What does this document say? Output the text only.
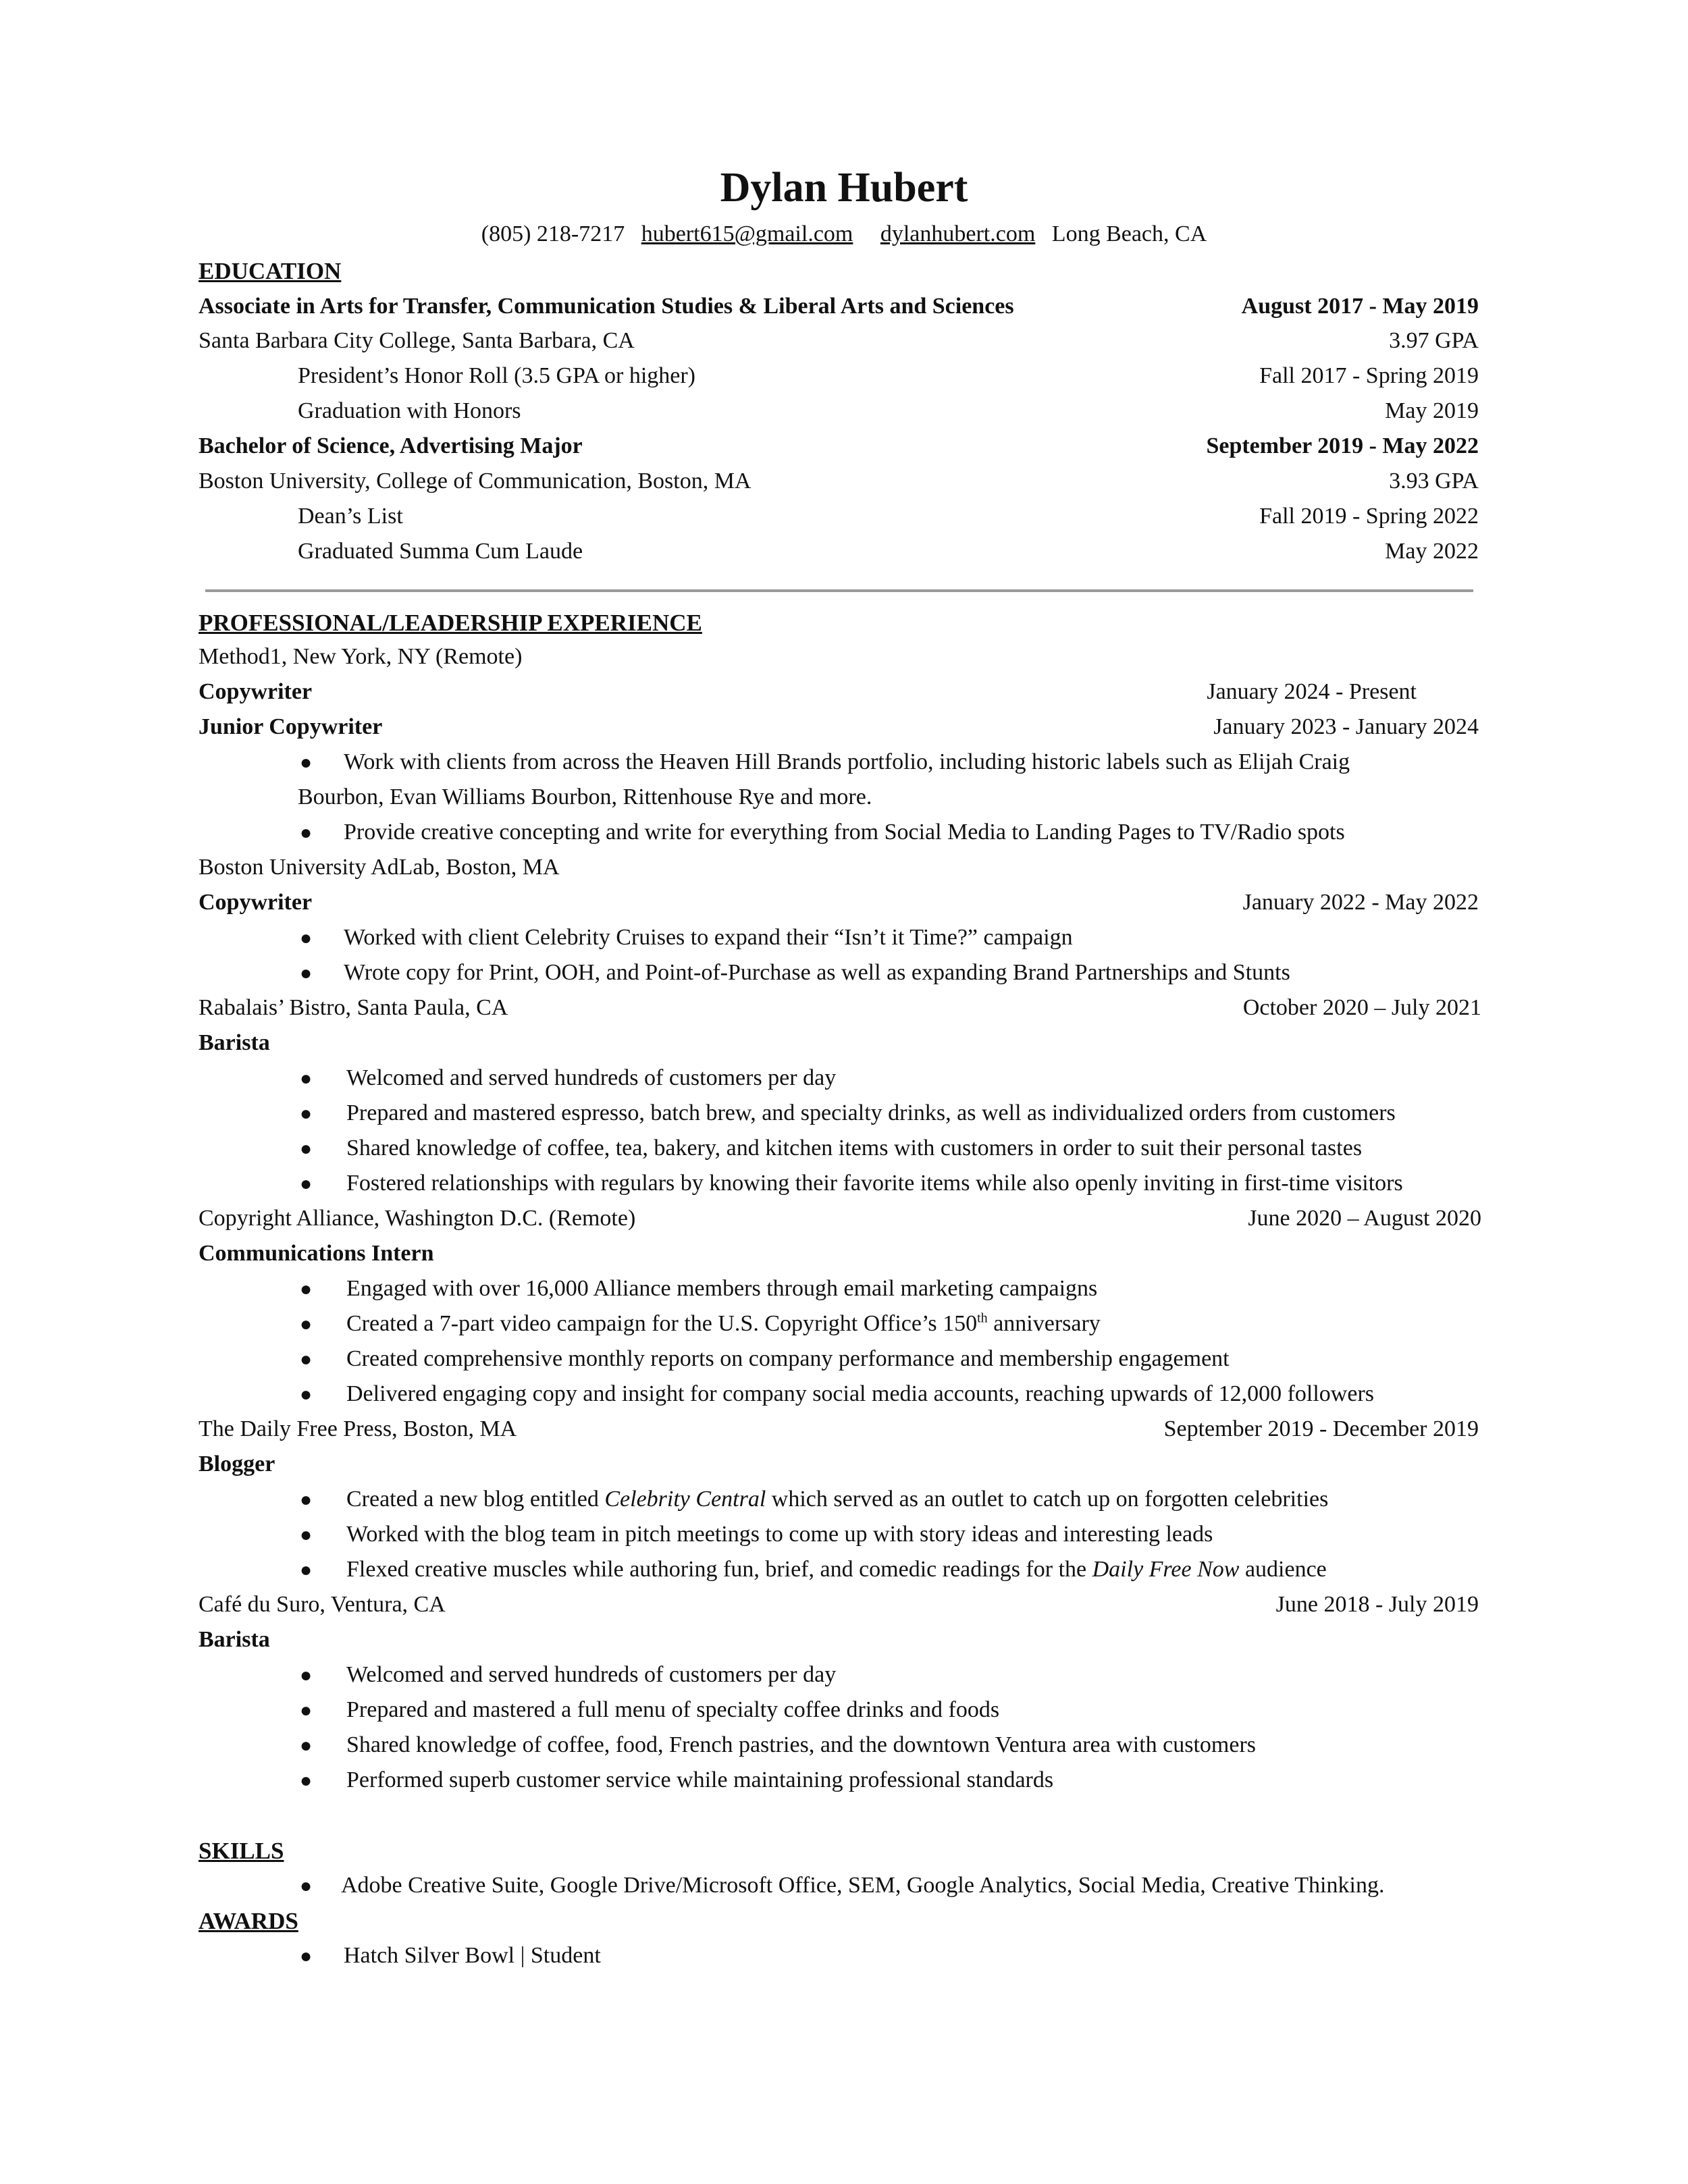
Dylan Hubert
(805) 218-7217 hubert615@gmail.com dylanhubert.com Long Beach, CA
EDUCATION
Associate in Arts for Transfer, Communication Studies & Liberal Arts and Sciences	August 2017 - May 2019
Santa Barbara City College, Santa Barbara, CA	3.97 GPA
President’s Honor Roll (3.5 GPA or higher)	Fall 2017 - Spring 2019
Graduation with Honors	May 2019
Bachelor of Science, Advertising Major	September 2019 - May 2022
Boston University, College of Communication, Boston, MA	3.93 GPA
Dean’s List	Fall 2019 - Spring 2022
Graduated Summa Cum Laude	May 2022
PROFESSIONAL/LEADERSHIP EXPERIENCE
Method1, New York, NY (Remote)
Copywriter	January 2024 - Present
Junior Copywriter	January 2023 - January 2024
● Work with clients from across the Heaven Hill Brands portfolio, including historic labels such as Elijah Craig
Bourbon, Evan Williams Bourbon, Rittenhouse Rye and more.
● Provide creative concepting and write for everything from Social Media to Landing Pages to TV/Radio spots
Boston University AdLab, Boston, MA
Copywriter	January 2022 - May 2022
● Worked with client Celebrity Cruises to expand their “Isn’t it Time?” campaign
● Wrote copy for Print, OOH, and Point-of-Purchase as well as expanding Brand Partnerships and Stunts
Rabalais’ Bistro, Santa Paula, CA	October 2020 – July 2021
Barista
● Welcomed and served hundreds of customers per day
● Prepared and mastered espresso, batch brew, and specialty drinks, as well as individualized orders from customers
● Shared knowledge of coffee, tea, bakery, and kitchen items with customers in order to suit their personal tastes
● Fostered relationships with regulars by knowing their favorite items while also openly inviting in first-time visitors
Copyright Alliance, Washington D.C. (Remote)	June 2020 – August 2020
Communications Intern
● Engaged with over 16,000 Alliance members through email marketing campaigns
● Created a 7-part video campaign for the U.S. Copyright Office’s 150th anniversary
● Created comprehensive monthly reports on company performance and membership engagement
● Delivered engaging copy and insight for company social media accounts, reaching upwards of 12,000 followers
The Daily Free Press, Boston, MA	September 2019 - December 2019
Blogger
● Created a new blog entitled Celebrity Central which served as an outlet to catch up on forgotten celebrities
● Worked with the blog team in pitch meetings to come up with story ideas and interesting leads
● Flexed creative muscles while authoring fun, brief, and comedic readings for the Daily Free Now audience
Café du Suro, Ventura, CA	June 2018 - July 2019
Barista
● Welcomed and served hundreds of customers per day
● Prepared and mastered a full menu of specialty coffee drinks and foods
● Shared knowledge of coffee, food, French pastries, and the downtown Ventura area with customers
● Performed superb customer service while maintaining professional standards
SKILLS
● Adobe Creative Suite, Google Drive/Microsoft Office, SEM, Google Analytics, Social Media, Creative Thinking.
AWARDS
● Hatch Silver Bowl | Student
